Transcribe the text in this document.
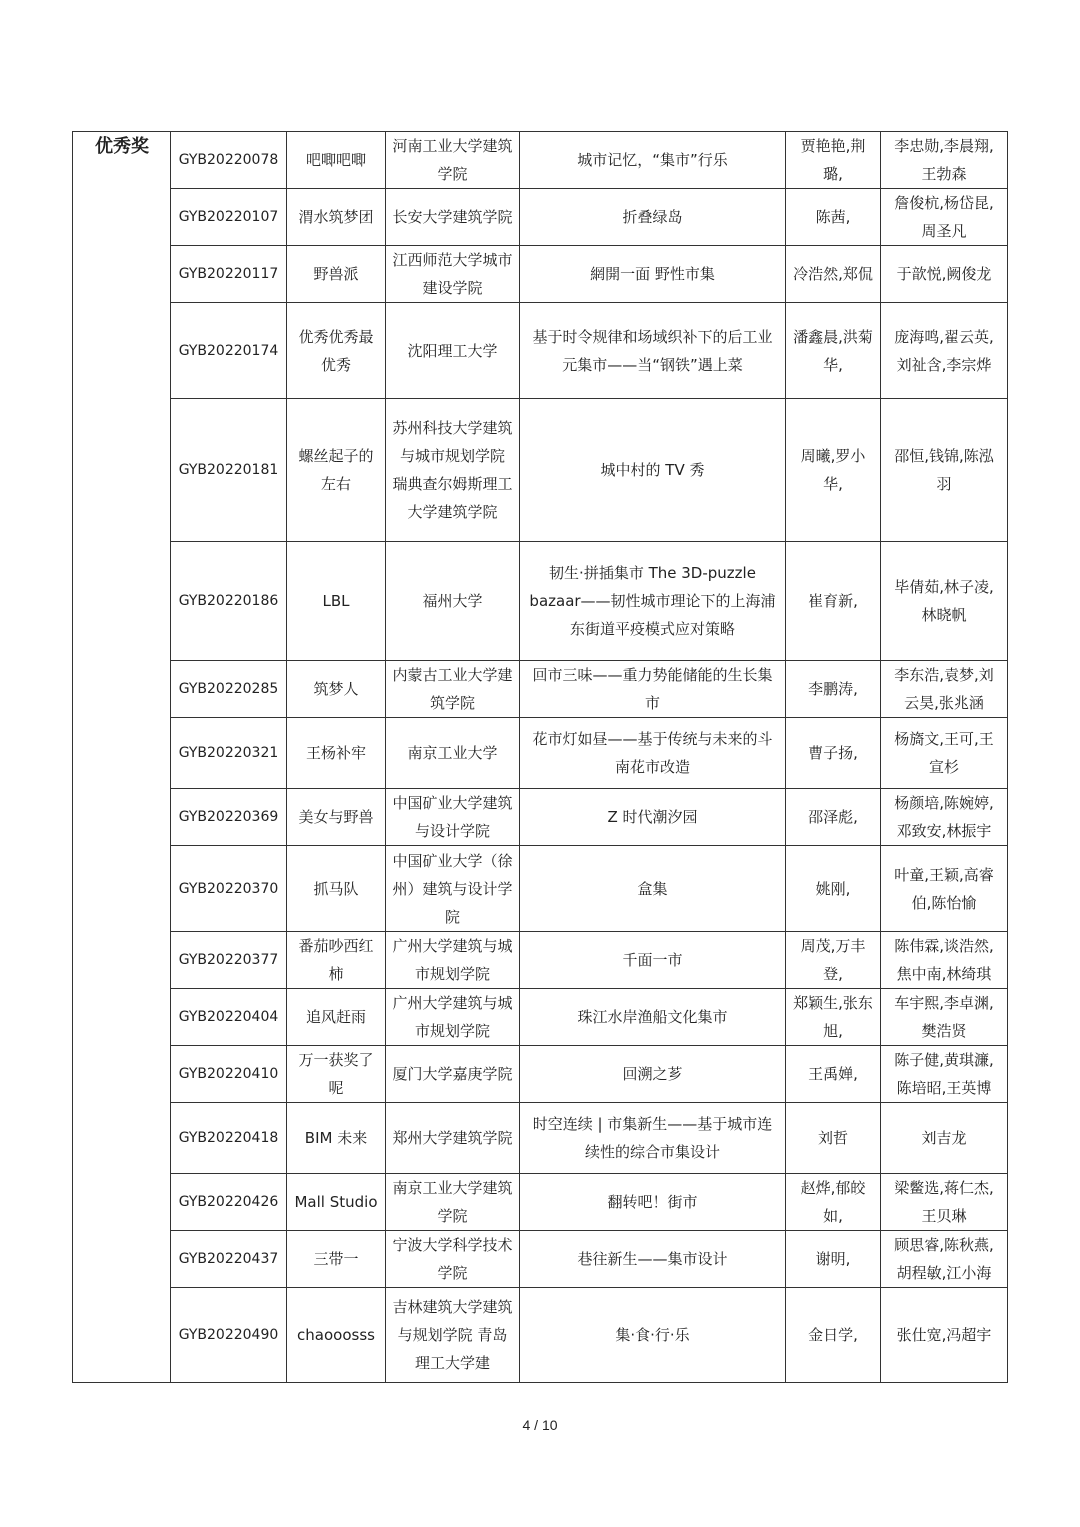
优秀奖	GYB20220078	吧唧吧唧	河南工业大学建筑学院	城市记忆，“集市”行乐	贾艳艳,荆璐,	李忠勋,李晨翔,王勃森
	GYB20220107	渭水筑梦团	长安大学建筑学院	折叠绿岛	陈茜,	詹俊杭,杨岱昆,周圣凡
	GYB20220117	野兽派	江西师范大学城市建设学院	網開一面 野性市集	冷浩然,郑侃	于歆悦,阙俊龙
	GYB20220174	优秀优秀最优秀	沈阳理工大学	基于时令规律和场域织补下的后工业元集市——当“钢铁”遇上菜	潘鑫晨,洪菊华,	庞海鸣,翟云英,刘祉含,李宗烨
	GYB20220181	螺丝起子的左右	苏州科技大学建筑与城市规划学院 瑞典查尔姆斯理工大学建筑学院	城中村的 TV 秀	周曦,罗小华,	邵恒,钱锦,陈泓羽
	GYB20220186	LBL	福州大学	韧生·拼插集市 The 3D-puzzle bazaar——韧性城市理论下的上海浦东街道平疫模式应对策略	崔育新,	毕倩茹,林子凌,林晓帆
	GYB20220285	筑梦人	内蒙古工业大学建筑学院	回市三味——重力势能储能的生长集市	李鹏涛,	李东浩,袁梦,刘云昊,张兆涵
	GYB20220321	王杨补牢	南京工业大学	花市灯如昼——基于传统与未来的斗南花市改造	曹子扬,	杨旖文,王可,王宣杉
	GYB20220369	美女与野兽	中国矿业大学建筑与设计学院	Z 时代潮汐园	邵泽彪,	杨颜培,陈婉婷,邓致安,林振宇
	GYB20220370	抓马队	中国矿业大学（徐州）建筑与设计学院	盒集	姚刚,	叶童,王颖,高睿伯,陈怡愉
	GYB20220377	番茄吵西红柿	广州大学建筑与城市规划学院	千面一市	周茂,万丰登,	陈伟霖,谈浩然,焦中南,林绮琪
	GYB20220404	追风赶雨	广州大学建筑与城市规划学院	珠江水岸渔船文化集市	郑颖生,张东旭,	车宇熙,李卓渊,樊浩贤
	GYB20220410	万一获奖了呢	厦门大学嘉庚学院	回溯之芗	王禹婵,	陈子健,黄琪濂,陈培昭,王英博
	GYB20220418	BIM 未来	郑州大学建筑学院	时空连续 | 市集新生——基于城市连续性的综合市集设计	刘哲	刘吉龙
	GYB20220426	Mall Studio	南京工业大学建筑学院	翻转吧！街市	赵烨,郁皎如,	梁鳖选,蒋仁杰,王贝琳
	GYB20220437	三带一	宁波大学科学技术学院	巷往新生——集市设计	谢明,	顾思睿,陈秋燕,胡程敏,江小海
	GYB20220490	chaooosss	吉林建筑大学建筑与规划学院 青岛理工大学建	集·食·行·乐	金日学,	张仕宽,冯超宇
4 / 10
